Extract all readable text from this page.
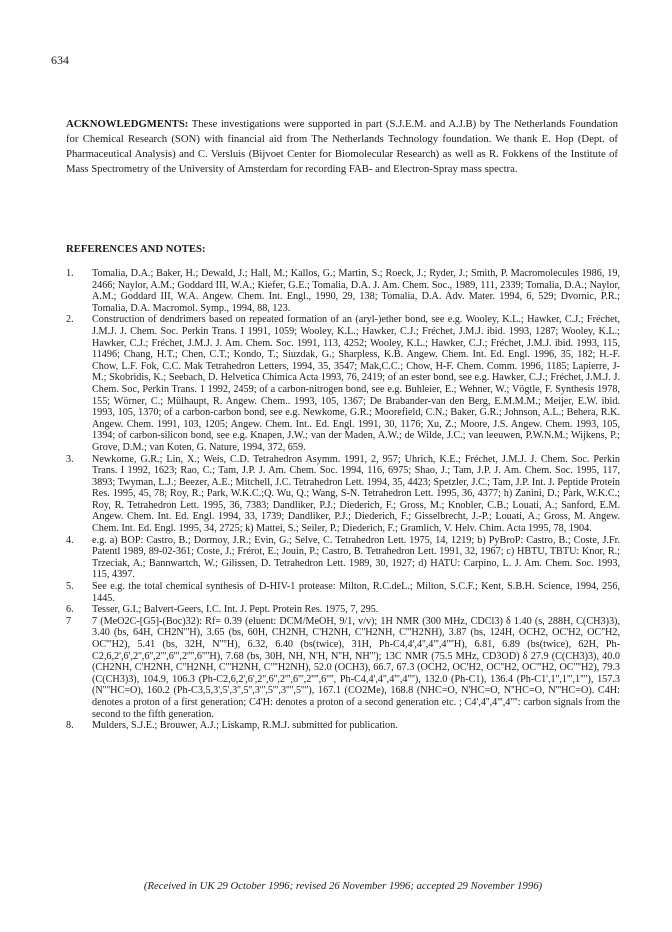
634
ACKNOWLEDGMENTS: These investigations were supported in part (S.J.E.M. and A.J.B) by The Netherlands Foundation for Chemical Research (SON) with financial aid from The Netherlands Technology foundation. We thank E. Hop (Dept. of Pharmaceutical Analysis) and C. Versluis (Bijvoet Center for Biomolecular Research) as well as R. Fokkens of the Institute of Mass Spectrometry of the University of Amsterdam for recording FAB- and Electron-Spray mass spectra.
REFERENCES AND NOTES:
1.	Tomalia, D.A.; Baker, H.; Dewald, J.; Hall, M.; Kallos, G.; Martin, S.; Roeck, J.; Ryder, J.; Smith, P. Macromolecules 1986, 19, 2466; Naylor, A.M.; Goddard III, W.A.; Kiefer, G.E.; Tomalia, D.A. J. Am. Chem. Soc., 1989, 111, 2339; Tomalia, D.A.; Naylor, A.M.; Goddard III, W.A. Angew. Chem. Int. Engl., 1990, 29, 138; Tomalia, D.A. Adv. Mater. 1994, 6, 529; Dvornic, P.R.; Tomalia, D.A. Macromol. Symp., 1994, 88, 123.
2.	Construction of dendrimers based on repeated formation of an (aryl-)ether bond, see e.g. Wooley, K.L.; Hawker, C.J.; Fréchet, J.M.J. J. Chem. Soc. Perkin Trans. I 1991, 1059; Wooley, K.L.; Hawker, C.J.; Fréchet, J.M.J. ibid. 1993, 1287; Wooley, K.L.; Hawker, C.J.; Fréchet, J.M.J. J. Am. Chem. Soc. 1991, 113, 4252; Wooley, K.L.; Hawker, C.J.; Fréchet, J.M.J. ibid. 1993, 115, 11496; Chang, H.T.; Chen, C.T.; Kondo, T.; Siuzdak, G.; Sharpless, K.B. Angew. Chem. Int. Ed. Engl. 1996, 35, 182; H.-F. Chow, L.F. Fok, C.C. Mak Tetrahedron Letters, 1994, 35, 3547; Mak,C.C.; Chow, H-F. Chem. Comm. 1996, 1185; Lapierre, J-M.; Skobridis, K.; Seebach, D. Helvetica Chimica Acta 1993, 76, 2419; of an ester bond, see e.g. Hawker, C.J.; Fréchet, J.M.J. J. Chem. Soc, Perkin Trans. 1 1992, 2459; of a carbon-nitrogen bond, see e.g. Buhleier, E.; Wehner, W.; Vögtle, F. Synthesis 1978, 155; Wörner, C.; Mülhaupt, R. Angew. Chem.. 1993, 105, 1367; De Brabander-van den Berg, E.M.M.M.; Meijer, E.W. ibid. 1993, 105, 1370; of a carbon-carbon bond, see e.g. Newkome, G.R.; Moorefield, C.N.; Baker, G.R.; Johnson, A.L.; Behera, R.K. Angew. Chem. 1991, 103, 1205; Angew. Chem. Int.. Ed. Engl. 1991, 30, 1176; Xu, Z.; Moore, J.S. Angew. Chem. 1993, 105, 1394; of carbon-silicon bond, see e.g. Knapen, J.W.; van der Maden, A.W.; de Wilde, J.C.; van leeuwen, P.W.N.M.; Wijkens, P.; Grove, D.M.; van Koten, G. Nature, 1994, 372, 659.
3.	Newkome, G.R.; Lin, X.; Weis, C.D. Tetrahedron Asymm. 1991, 2, 957; Uhrich, K.E.; Fréchet, J.M.J. J. Chem. Soc. Perkin Trans. I 1992, 1623; Rao, C.; Tam, J.P. J. Am. Chem. Soc. 1994, 116, 6975; Shao, J.; Tam, J.P. J. Am. Chem. Soc. 1995, 117, 3893; Twyman, L.J.; Beezer, A.E.; Mitchell, J.C. Tetrahedron Lett. 1994, 35, 4423; Spetzler, J.C.; Tam, J.P. Int. J. Peptide Protein Res. 1995, 45, 78; Roy, R.; Park, W.K.C.;Q. Wu, Q.; Wang, S-N. Tetrahedron Lett. 1995, 36, 4377; h) Zanini, D.; Park, W.K.C.; Roy, R. Tetrahedron Lett. 1995, 36, 7383; Dandliker, P.J.; Diederich, F.; Gross, M.; Knobler, C.B.; Louati, A.; Sanford, E.M. Angew. Chem. Int. Ed. Engl. 1994, 33, 1739; Dandliker, P.J.; Diederich, F.; Gisselbrecht, J.-P.; Louati, A.; Gross, M. Angew. Chem. Int. Ed. Engl. 1995, 34, 2725; k) Mattei, S.; Seiler, P.; Diederich, F.; Gramlich, V. Helv. Chim. Acta 1995, 78, 1904.
4.	e.g. a) BOP: Castro, B.; Dormoy, J.R.; Evin, G.; Selve, C. Tetrahedron Lett. 1975, 14, 1219; b) PyBroP: Castro, B.; Coste, J.Fr. Patentl 1989, 89-02-361; Coste, J.; Frérot, E.; Jouin, P.; Castro, B. Tetrahedron Lett. 1991, 32, 1967; c) HBTU, TBTU: Knor, R.; Trzeciak, A.; Bannwartch, W.; Gilissen, D. Tetrahedron Lett. 1989, 30, 1927; d) HATU: Carpino, L. J. Am. Chem. Soc. 1993, 115, 4397.
5.	See e.g. the total chemical synthesis of D-HIV-1 protease: Milton, R.C.deL.; Milton, S.C.F.; Kent, S.B.H. Science, 1994, 256, 1445.
6.	Tesser, G.I.; Balvert-Geers, I.C. Int. J. Pept. Protein Res. 1975, 7, 295.
7	7 (MeO2C-[G5]-(Boc)32): Rf= 0.39 (eluent: DCM/MeOH, 9/1, v/v); 1H NMR (300 MHz, CDCl3) δ 1.40 (s, 288H, C(CH3)3), 3.40 (bs, 64H, CH2N'''H), 3.65 (bs, 60H, CH2NH, C'H2NH, C''H2NH, C'''H2NH), 3.87 (bs, 124H, OCH2, OC'H2, OC''H2, OC'''H2), 5.41 (bs, 32H, N''''H), 6.32, 6.40 (bs(twice), 31H, Ph-C4,4',4'',4''',4''''H), 6.81, 6.89 (bs(twice), 62H, Ph-C2,6,2',6',2'',6'',2''',6''',2'''',6''''H), 7.68 (bs, 30H, NH, N'H, N''H, NH'''); 13C NMR (75.5 MHz, CD3OD) δ 27.9 (C(CH3)3), 40.0 (CH2NH, C'H2NH, C''H2NH, C'''H2NH, C''''H2NH), 52.0 (OCH3), 66.7, 67.3 (OCH2, OC'H2, OC''H2, OC'''H2, OC''''H2), 79.3 (C(CH3)3), 104.9, 106.3 (Ph-C2,6,2',6',2'',6'',2''',6''',2'''',6'''', Ph-C4,4',4'',4''',4''''), 132.0 (Ph-C1), 136.4 (Ph-C1',1'',1''',1''''), 157.3 (N''''HC=O), 160.2 (Ph-C3,5,3',5',3'',5'',3''',5''',3'''',5''''), 167.1 (CO2Me), 168.8 (NHC=O, N'HC=O, N''HC=O, N'''HC=O). C4H: denotes a proton of a first generation; C4'H: denotes a proton of a second generation etc. ; C4',4'',4''',4'''': carbon signals from the second to the fifth generation.
8.	Mulders, S.J.E.; Brouwer, A.J.; Liskamp, R.M.J. submitted for publication.
(Received in UK 29 October 1996; revised 26 November 1996; accepted 29 November 1996)
